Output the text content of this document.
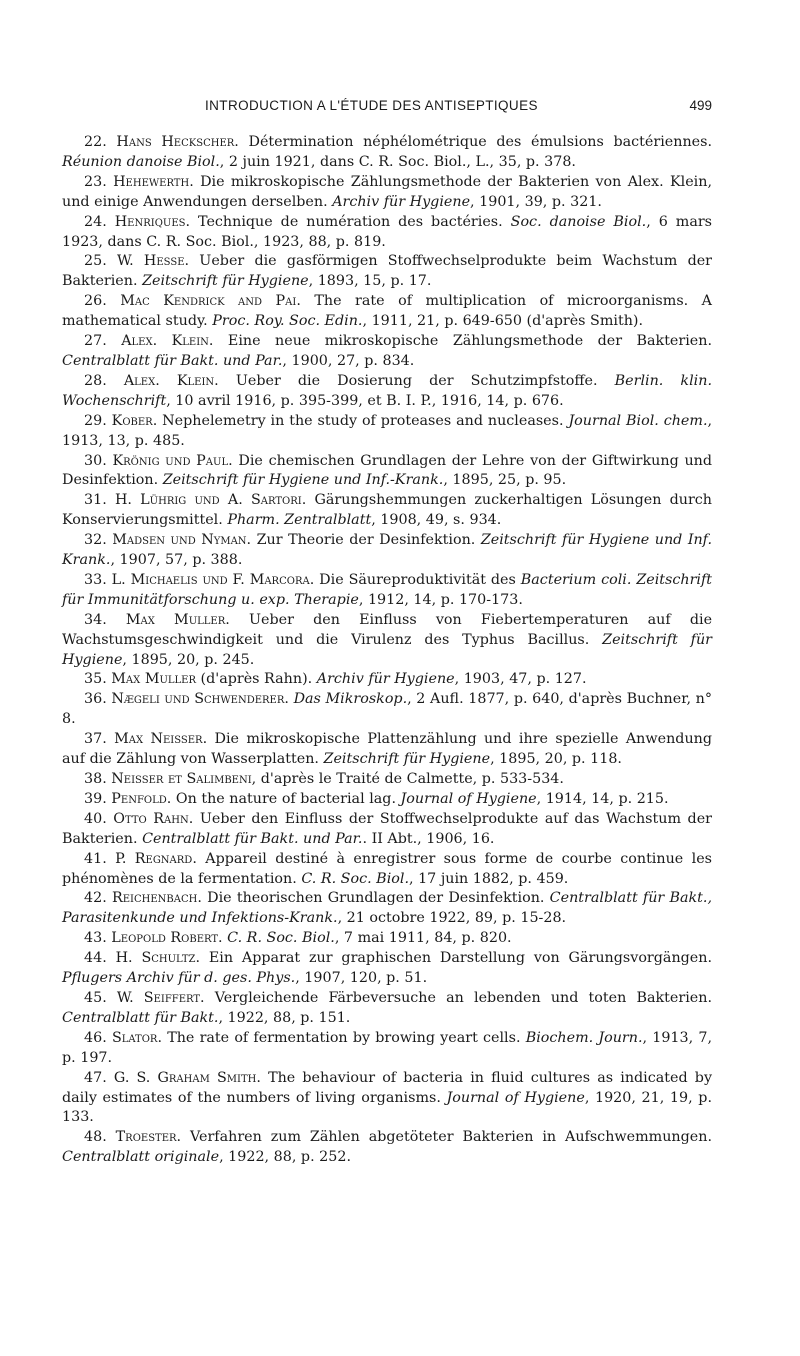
INTRODUCTION A L'ÉTUDE DES ANTISEPTIQUES	499

22. Hans Heckscher. Détermination néphélométrique des émulsions bactériennes. Réunion danoise Biol., 2 juin 1921, dans C. R. Soc. Biol., L., 35, p. 378.

23. Hehewerth. Die mikroskopische Zählungsmethode der Bakterien von Alex. Klein, und einige Anwendungen derselben. Archiv für Hygiene, 1901, 39, p. 321.

24. Henriques. Technique de numération des bactéries. Soc. danoise Biol., 6 mars 1923, dans C. R. Soc. Biol., 1923, 88, p. 819.

25. W. Hesse. Ueber die gasförmigen Stoffwechselprodukte beim Wachstum der Bakterien. Zeitschrift für Hygiene, 1893, 15, p. 17.

26. Mac Kendrick and Pai. The rate of multiplication of microorganisms. A mathematical study. Proc. Roy. Soc. Edin., 1911, 21, p. 649-650 (d'après Smith).

27. Alex. Klein. Eine neue mikroskopische Zählungsmethode der Bakterien. Centralblatt für Bakt. und Par., 1900, 27, p. 834.

28. Alex. Klein. Ueber die Dosierung der Schutzimpfstoffe. Berlin. klin. Wochenschrift, 10 avril 1916, p. 395-399, et B. I. P., 1916, 14, p. 676.

29. Kober. Nephelemetry in the study of proteases and nucleases. Journal Biol. chem., 1913, 13, p. 485.

30. Krönig und Paul. Die chemischen Grundlagen der Lehre von der Giftwirkung und Desinfektion. Zeitschrift für Hygiene und Inf.-Krank., 1895, 25, p. 95.

31. H. Lührig und A. Sartori. Gärungshemmungen zuckerhaltigen Lösungen durch Konservierungsmittel. Pharm. Zentralblatt, 1908, 49, s. 934.

32. Madsen und Nyman. Zur Theorie der Desinfektion. Zeitschrift für Hygiene und Inf. Krank., 1907, 57, p. 388.

33. L. Michaelis und F. Marcora. Die Säureproduktivität des Bacterium coli. Zeitschrift für Immunitätforschung u. exp. Therapie, 1912, 14, p. 170-173.

34. Max Muller. Ueber den Einfluss von Fiebertemperaturen auf die Wachstumsgeschwindigkeit und die Virulenz des Typhus Bacillus. Zeitschrift für Hygiene, 1895, 20, p. 245.

35. Max Muller (d'après Rahn). Archiv für Hygiene, 1903, 47, p. 127.

36. Nægeli und Schwenderer. Das Mikroskop., 2 Aufl. 1877, p. 640, d'après Buchner, n° 8.

37. Max Neisser. Die mikroskopische Plattenzählung und ihre spezielle Anwendung auf die Zählung von Wasserplatten. Zeitschrift für Hygiene, 1895, 20, p. 118.

38. Neisser et Salimbeni, d'après le Traité de Calmette, p. 533-534.

39. Penfold. On the nature of bacterial lag. Journal of Hygiene, 1914, 14, p. 215.

40. Otto Rahn. Ueber den Einfluss der Stoffwechselprodukte auf das Wachstum der Bakterien. Centralblatt für Bakt. und Par.. II Abt., 1906, 16.

41. P. Regnard. Appareil destiné à enregistrer sous forme de courbe continue les phénomènes de la fermentation. C. R. Soc. Biol., 17 juin 1882, p. 459.

42. Reichenbach. Die theorischen Grundlagen der Desinfektion. Centralblatt für Bakt., Parasitenkunde und Infektions-Krank., 21 octobre 1922, 89, p. 15-28.

43. Leopold Robert. C. R. Soc. Biol., 7 mai 1911, 84, p. 820.

44. H. Schultz. Ein Apparat zur graphischen Darstellung von Gärungsvorgängen. Pflugers Archiv für d. ges. Phys., 1907, 120, p. 51.

45. W. Seiffert. Vergleichende Färbeversuche an lebenden und toten Bakterien. Centralblatt für Bakt., 1922, 88, p. 151.

46. Slator. The rate of fermentation by browing yeart cells. Biochem. Journ., 1913, 7, p. 197.

47. G. S. Graham Smith. The behaviour of bacteria in fluid cultures as indicated by daily estimates of the numbers of living organisms. Journal of Hygiene, 1920, 21, 19, p. 133.

48. Troester. Verfahren zum Zählen abgetöteter Bakterien in Aufschwemmungen. Centralblatt originale, 1922, 88, p. 252.
